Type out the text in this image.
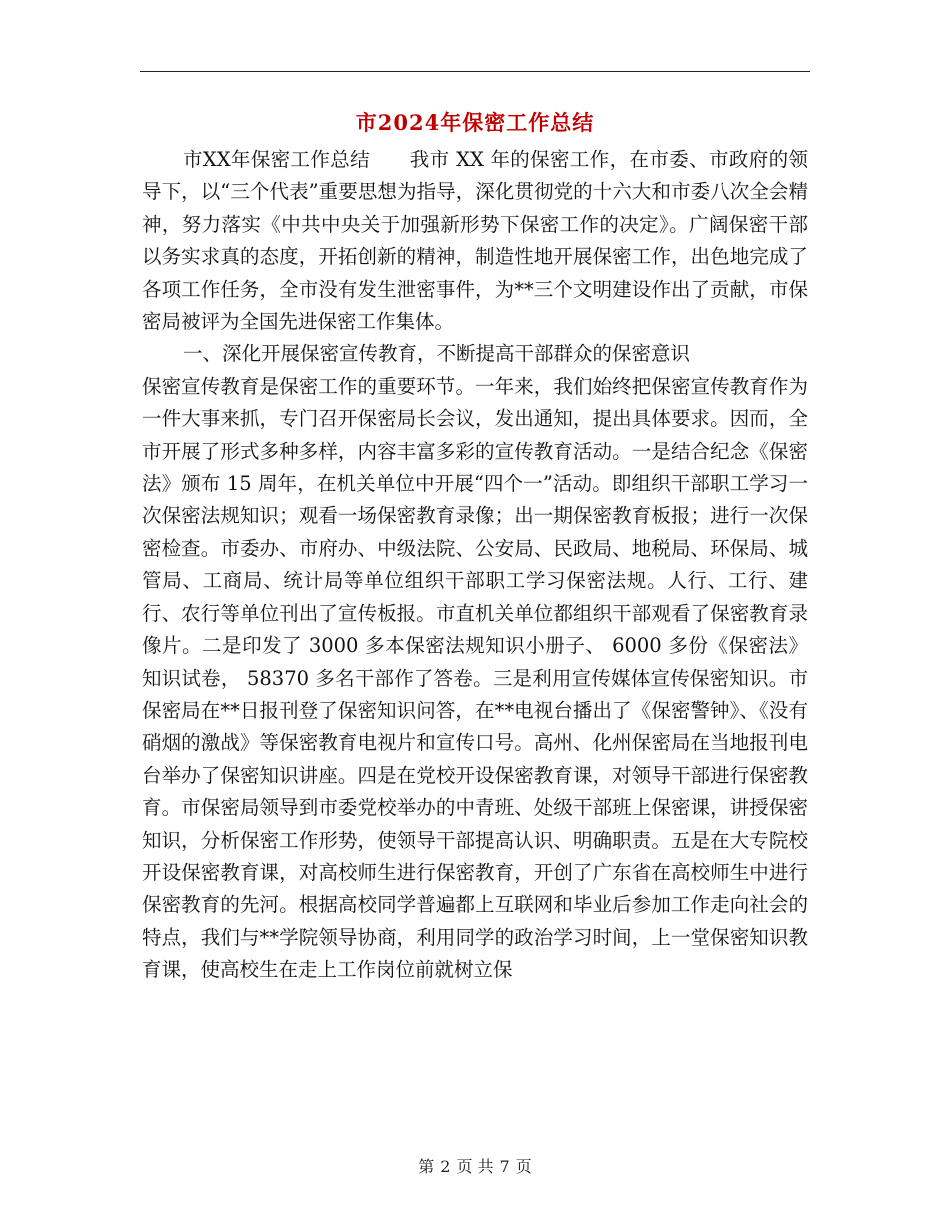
市2024年保密工作总结

市XX年保密工作总结　　我市 XX 年的保密工作，在市委、市政府的领导下，以“三个代表”重要思想为指导，深化贯彻党的十六大和市委八次全会精神，努力落实《中共中央关于加强新形势下保密工作的决定》。广阔保密干部以务实求真的态度，开拓创新的精神，制造性地开展保密工作，出色地完成了各项工作任务，全市没有发生泄密事件，为**三个文明建设作出了贡献，市保密局被评为全国先进保密工作集体。

一、深化开展保密宣传教育，不断提高干部群众的保密意识

保密宣传教育是保密工作的重要环节。一年来，我们始终把保密宣传教育作为一件大事来抓，专门召开保密局长会议，发出通知，提出具体要求。因而，全市开展了形式多种多样，内容丰富多彩的宣传教育活动。一是结合纪念《保密法》颁布 15 周年，在机关单位中开展“四个一”活动。即组织干部职工学习一次保密法规知识；观看一场保密教育录像；出一期保密教育板报；进行一次保密检查。市委办、市府办、中级法院、公安局、民政局、地税局、环保局、城管局、工商局、统计局等单位组织干部职工学习保密法规。人行、工行、建行、农行等单位刊出了宣传板报。市直机关单位都组织干部观看了保密教育录像片。二是印发了 3000 多本保密法规知识小册子、 6000 多份《保密法》知识试卷， 58370 多名干部作了答卷。三是利用宣传媒体宣传保密知识。市保密局在**日报刊登了保密知识问答，在**电视台播出了《保密警钟》、《没有硝烟的激战》等保密教育电视片和宣传口号。高州、化州保密局在当地报刊电台举办了保密知识讲座。四是在党校开设保密教育课，对领导干部进行保密教育。市保密局领导到市委党校举办的中青班、处级干部班上保密课，讲授保密知识，分析保密工作形势，使领导干部提高认识、明确职责。五是在大专院校开设保密教育课，对高校师生进行保密教育，开创了广东省在高校师生中进行保密教育的先河。根据高校同学普遍都上互联网和毕业后参加工作走向社会的特点，我们与**学院领导协商，利用同学的政治学习时间，上一堂保密知识教育课，使高校生在走上工作岗位前就树立保

第 2 页 共 7 页
